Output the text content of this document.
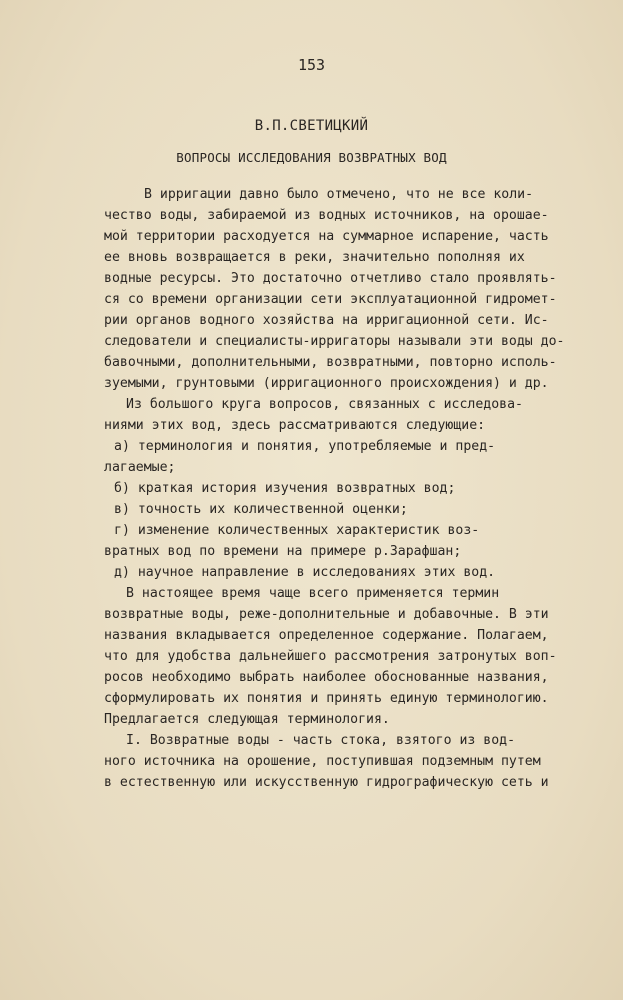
153
В.П.СВЕТИЦКИЙ
ВОПРОСЫ ИССЛЕДОВАНИЯ ВОЗВРАТНЫХ ВОД
В ирригации давно было отмечено, что не все коли-
чество воды, забираемой из водных источников, на орошае-
мой территории расходуется на суммарное испарение, часть
ее вновь возвращается в реки, значительно пополняя их
водные ресурсы. Это достаточно отчетливо стало проявлять-
ся со времени организации сети эксплуатационной гидромет-
рии органов водного хозяйства на ирригационной сети. Ис-
следователи и специалисты-ирригаторы называли эти воды до-
бавочными, дополнительными, возвратными, повторно исполь-
зуемыми, грунтовыми (ирригационного происхождения) и др.
Из большого круга вопросов, связанных с исследова-
ниями этих вод, здесь рассматриваются следующие:
а) терминология и понятия, употребляемые и пред-
лагаемые;
б) краткая история изучения возвратных вод;
в) точность их количественной оценки;
г) изменение количественных характеристик воз-
вратных вод по времени на примере р.Зарафшан;
д) научное направление в исследованиях этих вод.
В настоящее время чаще всего применяется термин
возвратные воды, реже-дополнительные и добавочные. В эти
названия вкладывается определенное содержание. Полагаем,
что для удобства дальнейшего рассмотрения затронутых воп-
росов необходимо выбрать наиболее обоснованные названия,
сформулировать их понятия и принять единую терминологию.
Предлагается следующая терминология.
I. Возвратные воды - часть стока, взятого из вод-
ного источника на орошение, поступившая подземным путем
в естественную или искусственную гидрографическую сеть и
